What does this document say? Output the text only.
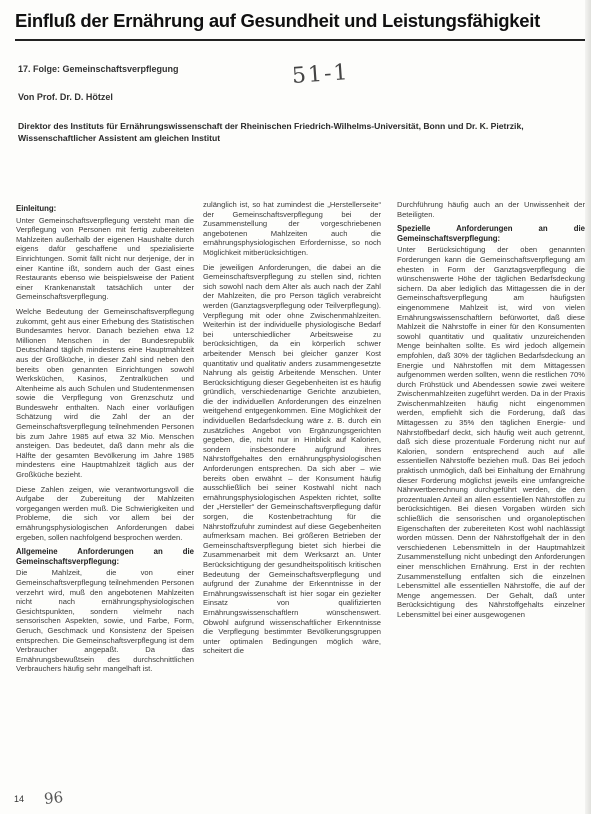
Einfluß der Ernährung auf Gesundheit und Leistungsfähigkeit
17. Folge: Gemeinschaftsverpflegung	51-1
Von Prof. Dr. D. Hötzel
Direktor des Instituts für Ernährungswissenschaft der Rheinischen Friedrich-Wilhelms-Universität, Bonn und Dr. K. Pietrzik, Wissenschaftlicher Assistent am gleichen Institut
Einleitung:

Unter Gemeinschaftsverpflegung versteht man die Verpflegung von Personen mit fertig zubereiteten Mahlzeiten außerhalb der eigenen Haushalte durch eigens dafür geschaffene und spezialisierte Einrichtungen. Somit fällt nicht nur derjenige, der in einer Kantine ißt, sondern auch der Gast eines Restaurants ebenso wie beispielsweise der Patient einer Krankenanstalt tatsächlich unter der Gemeinschaftsverpflegung.

Welche Bedeutung der Gemeinschaftsverpflegung zukommt, geht aus einer Erhebung des Statistischen Bundesamtes hervor. Danach beziehen etwa 12 Millionen Menschen in der Bundesrepublik Deutschland täglich mindestens eine Hauptmahlzeit aus der Großküche, in dieser Zahl sind neben den bereits oben genannten Einrichtungen sowohl Werksküchen, Kasinos, Zentralküchen und Altenheime als auch Schulen und Studentenmensen sowie die Verpflegung von Grenzschutz und Bundeswehr enthalten. Nach einer vorläufigen Schätzung wird die Zahl der an der Gemeinschaftsverpflegung teilnehmenden Personen bis zum Jahre 1985 auf etwa 32 Mio. Menschen ansteigen. Das bedeutet, daß dann mehr als die Hälfte der gesamten Bevölkerung im Jahre 1985 mindestens eine Hauptmahlzeit täglich aus der Großküche bezieht.

Diese Zahlen zeigen, wie verantwortungsvoll die Aufgabe der Zubereitung der Mahlzeiten vorgegangen werden muß. Die Schwierigkeiten und Probleme, die sich vor allem bei der ernährungsphysiologischen Anforderungen dabei ergeben, sollen nachfolgend besprochen werden.

Allgemeine Anforderungen an die Gemeinschaftsverpflegung:

Die Mahlzeit, die von einer Gemeinschaftsverpflegung teilnehmenden Personen verzehrt wird, muß den angebotenen Mahlzeiten nicht nach ernährungsphysiologischen Gesichtspunkten, sondern vielmehr nach sensorischen Aspekten, sowie, und Farbe, Form, Geruch, Geschmack und Konsistenz der Speisen entsprechen. Die Gemeinschaftsverpflegung ist dem Verbraucher angepaßt. Da das Ernährungsbewußtsein des durchschnittlichen Verbrauchers häufig sehr mangelhaft ist.

zulänglich ist, so hat zumindest die „Herstellerseite“ der Gemeinschaftsverpflegung bei der Zusammenstellung der vorgeschriebenen angebotenen Mahlzeiten auch die ernährungsphysiologischen Erfordernisse, so noch Möglichkeit mitberücksichtigen.

Die jeweiligen Anforderungen, die dabei an die Gemeinschaftsverpflegung zu stellen sind, richten sich sowohl nach dem Alter als auch nach der Zahl der Mahlzeiten, die pro Person täglich verabreicht werden (Ganztagsverpflegung oder Teilverpflegung). Verpflegung mit oder ohne Zwischenmahlzeiten. Weiterhin ist der individuelle physiologische Bedarf bei unterschiedlicher Arbeitsweise zu berücksichtigen, da ein körperlich schwer arbeitender Mensch bei gleicher ganzer Kost quantitativ und qualitativ anders zusammengesetzte Nahrung als geistig Arbeitende Menschen. Unter Berücksichtigung dieser Gegebenheiten ist es häufig gründlich, verschiedenartige Gerichte anzubieten, die der individuellen Anforderungen des einzelnen weitgehend entgegenkommen. Eine Möglichkeit der individuellen Bedarfsdeckung wäre z. B. durch ein zusätzliches Angebot von Ergänzungsgerichten gegeben, die, nicht nur in Hinblick auf Kalorien, sondern insbesondere aufgrund ihres Nährstoffgehaltes den ernährungsphysiologischen Anforderungen entsprechen. Da sich aber – wie bereits oben erwähnt – der Konsument häufig ausschließlich bei seiner Kostwahl nicht nach ernährungsphysiologischen Aspekten richtet, sollte der „Hersteller“ der Gemeinschaftsverpflegung dafür sorgen, die Kostenbetrachtung für die Nährstoffzufuhr zumindest auf diese Gegebenheiten aufmerksam machen. Bei größeren Betrieben der Gemeinschaftsverpflegung bietet sich hierbei die Zusammenarbeit mit dem Werksarzt an. Unter Berücksichtigung der gesundheitspolitisch kritischen Bedeutung der Gemeinschaftsverpflegung und aufgrund der Zunahme der Erkenntnisse in der Ernährungswissenschaft ist hier sogar ein gezielter Einsatz von qualifizierten Ernährungswissenschaftlern wünschenswert. Obwohl aufgrund wissenschaftlicher Erkenntnisse die Verpflegung bestimmter Bevölkerungsgruppen unter optimalen Bedingungen möglich wäre, scheitert die

Durchführung häufig auch an der Unwissenheit der Beteiligten.

Spezielle Anforderungen an die Gemeinschaftsverpflegung:

Unter Berücksichtigung der oben genannten Forderungen kann die Gemeinschaftsverpflegung am ehesten in Form der Ganztagsverpflegung die wünschenswerte Höhe der täglichen Bedarfsdeckung sichern. Da aber lediglich das Mittagessen die in der Gemeinschaftsverpflegung am häufigsten eingenommene Mahlzeit ist, wird von vielen Ernährungswissenschaftlern befürwortet, daß diese Mahlzeit die Nährstoffe in einer für den Konsumenten sowohl quantitativ und qualitativ unzureichenden Menge beinhalten sollte. Es wird jedoch allgemein empfohlen, daß 30% der täglichen Bedarfsdeckung an Energie und Nährstoffen mit dem Mittagessen aufgenommen werden sollten, wenn die restlichen 70% durch Frühstück und Abendessen sowie zwei weitere Zwischenmahlzeiten zugeführt werden. Da in der Praxis Zwischenmahlzeiten häufig nicht eingenommen werden, empfiehlt sich die Forderung, daß das Mittagessen zu 35% den täglichen Energie- und Nährstoffbedarf deckt, sich häufig weit auch getrennt, daß sich diese prozentuale Forderung nicht nur auf Kalorien, sondern entsprechend auch auf alle essentiellen Nährstoffe beziehen muß. Das Bei jedoch praktisch unmöglich, daß bei Einhaltung der Ernährung dieser Forderung möglichst jeweils eine umfangreiche Nährwertberechnung durchgeführt werden, die den prozentualen Anteil an allen essentiellen Nährstoffen zu berücksichtigen. Bei diesen Vorgaben würden sich schließlich die sensorischen und organoleptischen Eigenschaften der zubereiteten Kost wohl nachlässigt worden müssen. Denn der Nährstoffgehalt der in den verschiedenen Lebensmitteln in der Hauptmahlzeit Zusammenstellung nicht unbedingt den Anforderungen einer menschlichen Ernährung. Erst in der rechten Zusammenstellung entfalten sich die einzelnen Lebensmittel alle essentiellen Nährstoffe, die auf der Menge angemessen. Der Gehalt, daß unter Berücksichtigung des Nährstoffgehalts einzelner Lebensmittel bei einer ausgewogenen

14 96
